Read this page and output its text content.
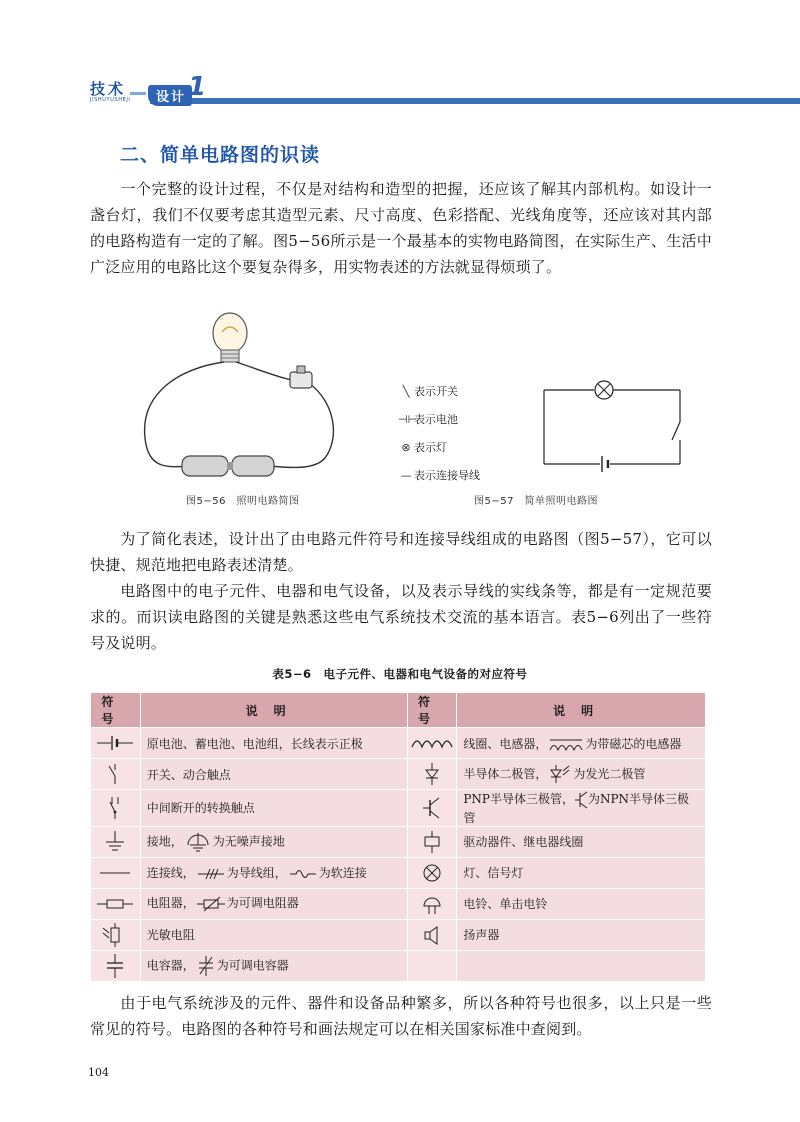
技术
JISHUYUSHEJI	设计 1
二、简单电路图的识读
一个完整的设计过程，不仅是对结构和造型的把握，还应该了解其内部机构。如设计一盏台灯，我们不仅要考虑其造型元素、尺寸高度、色彩搭配、光线角度等，还应该对其内部的电路构造有一定的了解。图5−56所示是一个最基本的实物电路简图，在实际生产、生活中广泛应用的电路比这个要复杂得多，用实物表述的方法就显得烦琐了。
图5−56　照明电路简图
╲ 表示开关
⊣⊢表示电池
⊗ 表示灯
— 表示连接导线
图5−57　简单照明电路图
为了简化表述，设计出了由电路元件符号和连接导线组成的电路图（图5−57），它可以快捷、规范地把电路表述清楚。
电路图中的电子元件、电器和电气设备，以及表示导线的实线条等，都是有一定规范要求的。而识读电路图的关键是熟悉这些电气系统技术交流的基本语言。表5−6列出了一些符号及说明。
表5−6　电子元件、电器和电气设备的对应符号
符号	说明	符号	说明

	原电池、蓄电池、电池组，长线表示正极		线圈、电感器， 为带磁芯的电感器

	开关、动合触点		半导体二极管， 为发光二极管

	中间断开的转换触点		PNP半导体三极管， 为NPN半导体三极管

	接地， 为无噪声接地		驱动器件、继电器线圈

	连接线， 为导线组， 为软连接		灯、信号灯

	电阻器， 为可调电阻器		电铃、单击电铃

	光敏电阻		扬声器

	电容器， 为可调电容器		
由于电气系统涉及的元件、器件和设备品种繁多，所以各种符号也很多，以上只是一些常见的符号。电路图的各种符号和画法规定可以在相关国家标准中查阅到。
104
